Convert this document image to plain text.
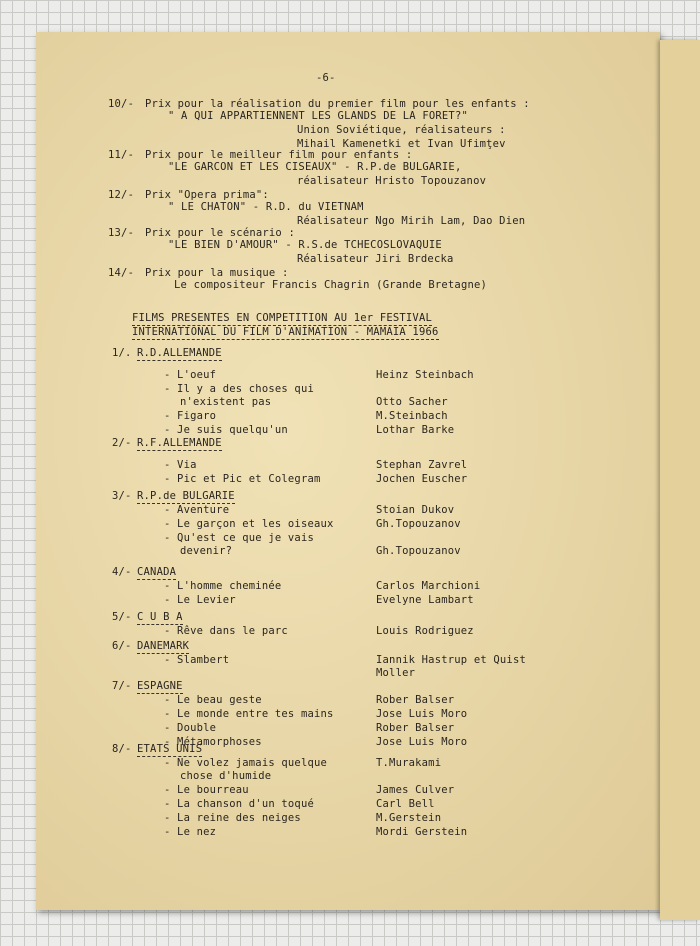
-6-
10/- Prix pour la réalisation du premier film pour les enfants :
" A QUI APPARTIENNENT LES GLANDS DE LA FORET?"
Union Soviétique, réalisateurs :
Mihail Kamenetki et Ivan Ufimţev
11/- Prix pour le meilleur film pour enfants :
"LE GARCON ET LES CISEAUX" - R.P.de BULGARIE,
réalisateur Hristo Topouzanov
12/- Prix "Opera prima":
" LE CHATON" - R.D. du VIETNAM
Réalisateur Ngo Mirih Lam, Dao Dien
13/- Prix pour le scénario :
"LE BIEN D'AMOUR" - R.S.de TCHECOSLOVAQUIE
Réalisateur Jiri Brdecka
14/- Prix pour la musique :
Le compositeur Francis Chagrin (Grande Bretagne)
FILMS PRESENTES EN COMPETITION AU 1er FESTIVAL
INTERNATIONAL DU FILM D'ANIMATION - MAMAIA 1966
1/. R.D.ALLEMANDE
- L'oeuf	Heinz Steinbach
- Il y a des choses qui
n'existent pas	Otto Sacher
- Figaro	M.Steinbach
- Je suis quelqu'un	Lothar Barke
2/- R.F.ALLEMANDE
- Via	Stephan Zavrel
- Pic et Pic et Colegram	Jochen Euscher
3/- R.P.de BULGARIE
- Aventure	Stoian Dukov
- Le garçon et les oiseaux	Gh.Topouzanov
- Qu'est ce que je vais
devenir?	Gh.Topouzanov
4/- CANADA
- L'homme cheminée	Carlos Marchioni
- Le Levier	Evelyne Lambart
5/- C U B A
- Rêve dans le parc	Louis Rodriguez
6/- DANEMARK
- Slambert	Iannik Hastrup et Quist
Moller
7/- ESPAGNE
- Le beau geste	Rober Balser
- Le monde entre tes mains	Jose Luis Moro
- Double	Rober Balser
- Métamorphoses	Jose Luis Moro
8/- ETATS UNIS
- Ne volez jamais quelque	T.Murakami
chose d'humide
- Le bourreau	James Culver
- La chanson d'un toqué	Carl Bell
- La reine des neiges	M.Gerstein
- Le nez	Mordi Gerstein
